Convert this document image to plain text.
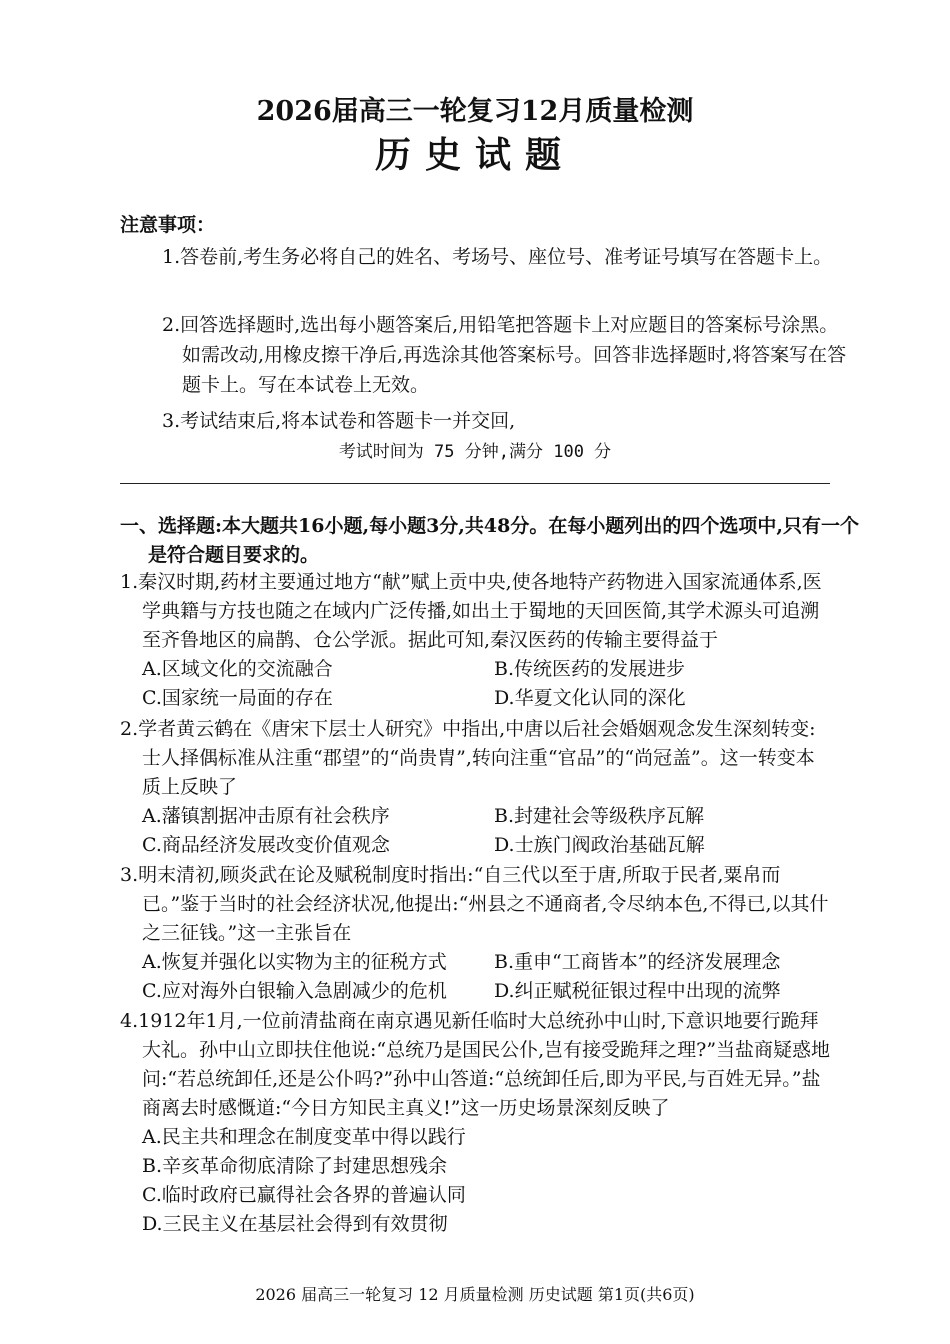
2026届高三一轮复习12月质量检测
历史试题
注意事项：
1.答卷前,考生务必将自己的姓名、考场号、座位号、准考证号填写在答题卡上。
2.回答选择题时,选出每小题答案后,用铅笔把答题卡上对应题目的答案标号涂黑。如需改动,用橡皮擦干净后,再选涂其他答案标号。回答非选择题时,将答案写在答题卡上。写在本试卷上无效。
3.考试结束后,将本试卷和答题卡一并交回,
考试时间为 75 分钟,满分 100 分
一、选择题:本大题共16小题,每小题3分,共48分。在每小题列出的四个选项中,只有一个是符合题目要求的。
1.秦汉时期,药材主要通过地方“献”赋上贡中央,使各地特产药物进入国家流通体系,医学典籍与方技也随之在域内广泛传播,如出土于蜀地的天回医简,其学术源头可追溯至齐鲁地区的扁鹊、仓公学派。据此可知,秦汉医药的传输主要得益于
A.区域文化的交流融合	B.传统医药的发展进步
C.国家统一局面的存在	D.华夏文化认同的深化
2.学者黄云鹤在《唐宋下层士人研究》中指出,中唐以后社会婚姻观念发生深刻转变:士人择偶标准从注重“郡望”的“尚贵胄”,转向注重“官品”的“尚冠盖”。这一转变本质上反映了
A.藩镇割据冲击原有社会秩序	B.封建社会等级秩序瓦解
C.商品经济发展改变价值观念	D.士族门阀政治基础瓦解
3.明末清初,顾炎武在论及赋税制度时指出:“自三代以至于唐,所取于民者,粟帛而已。”鉴于当时的社会经济状况,他提出:“州县之不通商者,令尽纳本色,不得已,以其什之三征钱。”这一主张旨在
A.恢复并强化以实物为主的征税方式	B.重申“工商皆本”的经济发展理念
C.应对海外白银输入急剧减少的危机	D.纠正赋税征银过程中出现的流弊
4.1912年1月,一位前清盐商在南京遇见新任临时大总统孙中山时,下意识地要行跪拜大礼。孙中山立即扶住他说:“总统乃是国民公仆,岂有接受跪拜之理?”当盐商疑惑地问:“若总统卸任,还是公仆吗?”孙中山答道:“总统卸任后,即为平民,与百姓无异。”盐商离去时感慨道:“今日方知民主真义!”这一历史场景深刻反映了
A.民主共和理念在制度变革中得以践行
B.辛亥革命彻底清除了封建思想残余
C.临时政府已赢得社会各界的普遍认同
D.三民主义在基层社会得到有效贯彻
2026 届高三一轮复习 12 月质量检测 历史试题 第1页(共6页)
